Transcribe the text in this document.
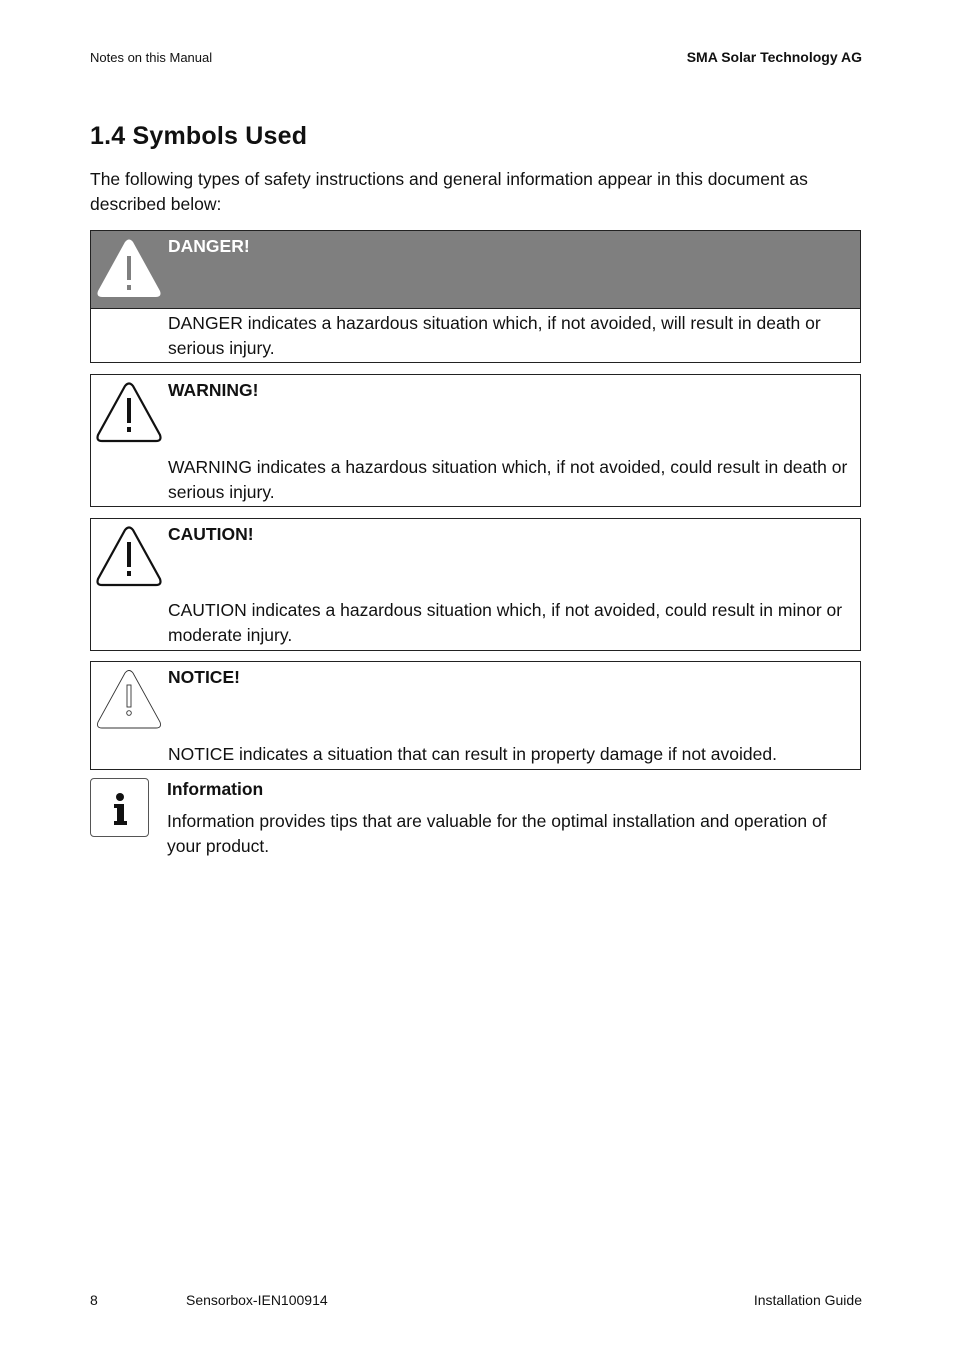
Notes on this Manual	SMA Solar Technology AG
1.4 Symbols Used

The following types of safety instructions and general information appear in this document as described below:

DANGER!
DANGER indicates a hazardous situation which, if not avoided, will result in death or serious injury.
WARNING!
WARNING indicates a hazardous situation which, if not avoided, could result in death or serious injury.
CAUTION!
CAUTION indicates a hazardous situation which, if not avoided, could result in minor or moderate injury.
NOTICE!
NOTICE indicates a situation that can result in property damage if not avoided.
Information
Information provides tips that are valuable for the optimal installation and operation of your product.
8	Sensorbox-IEN100914	Installation Guide
